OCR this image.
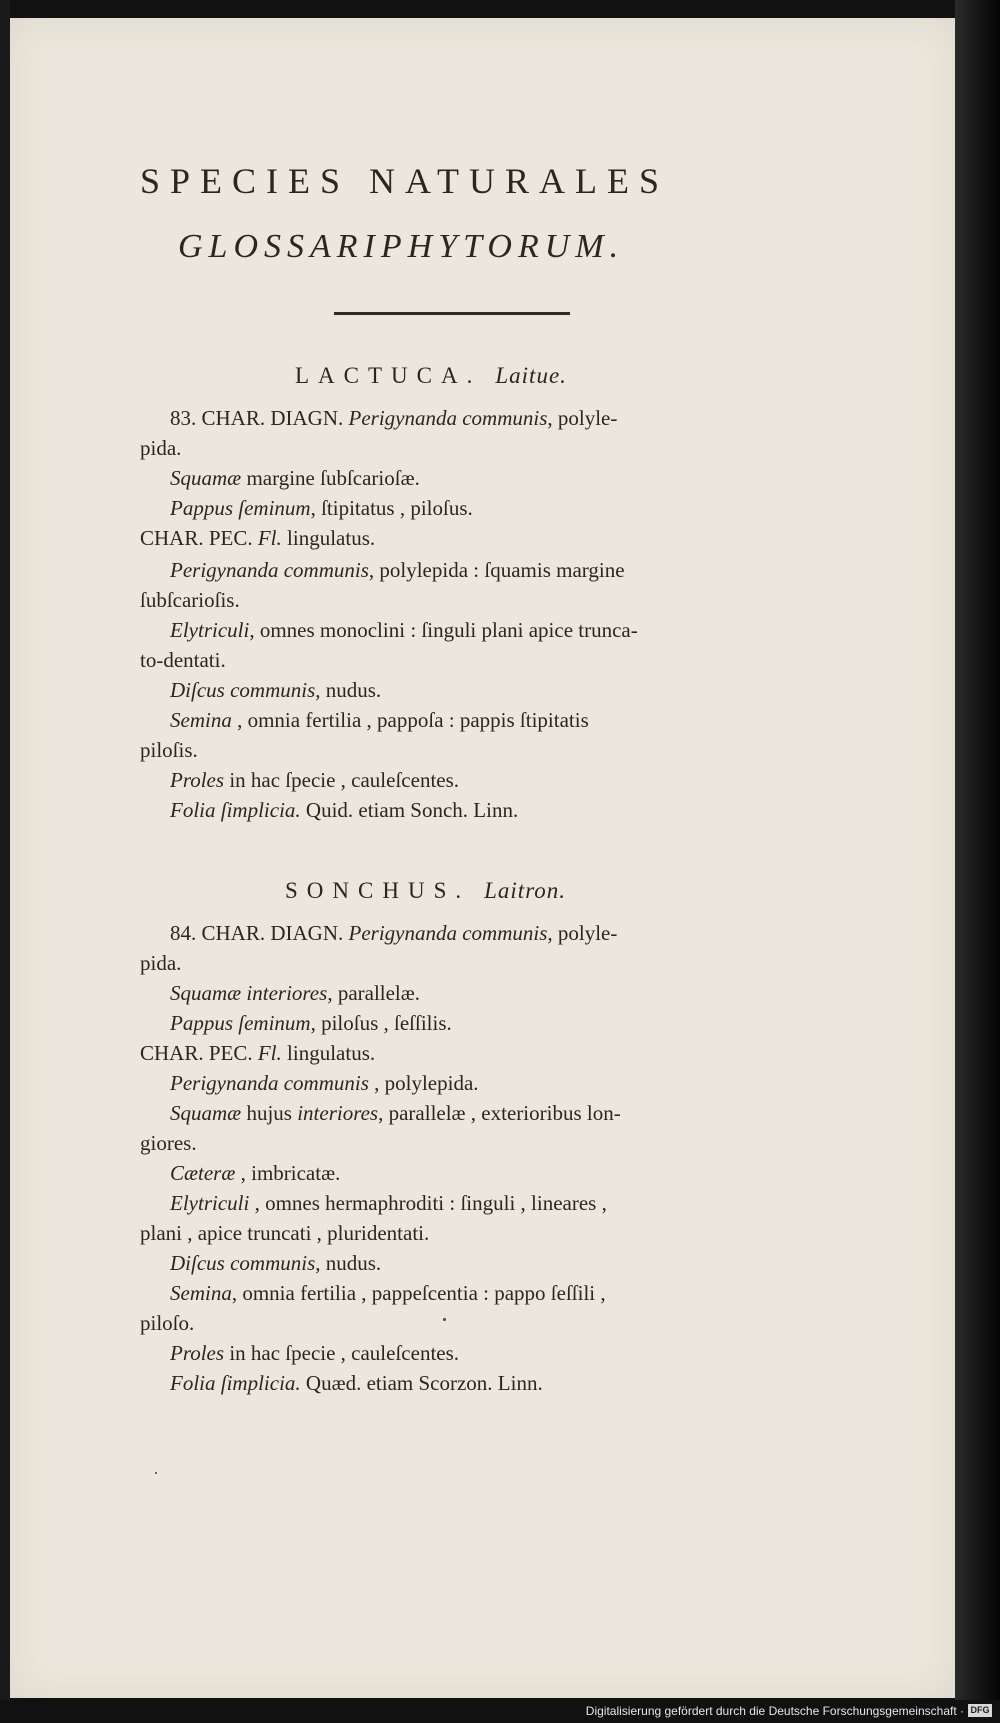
SPECIES NATURALES
GLOSSARIPHYTORUM.
LACTUCA. Laitue.
83. CHAR. DIAGN. Perigynanda communis, polyle-
pida.
Squamæ margine ſubſcarioſæ.
Pappus ſeminum, ſtipitatus , piloſus.
CHAR. PEC. Fl. lingulatus.
Perigynanda communis, polylepida : ſquamis margine
ſubſcarioſis.
Elytriculi, omnes monoclini : ſinguli plani apice trunca-
to-dentati.
Diſcus communis, nudus.
Semina , omnia fertilia , pappoſa : pappis ſtipitatis
piloſis.
Proles in hac ſpecie , cauleſcentes.
Folia ſimplicia. Quid. etiam Sonch. Linn.
SONCHUS. Laitron.
84. CHAR. DIAGN. Perigynanda communis, polyle-
pida.
Squamæ interiores, parallelæ.
Pappus ſeminum, piloſus , ſeſſilis.
CHAR. PEC. Fl. lingulatus.
Perigynanda communis , polylepida.
Squamæ hujus interiores, parallelæ , exterioribus lon-
giores.
Cæteræ , imbricatæ.
Elytriculi , omnes hermaphroditi : ſinguli , lineares ,
plani , apice truncati , pluridentati.
Diſcus communis, nudus.
Semina, omnia fertilia , pappeſcentia : pappo ſeſſili ,
piloſo.
Proles in hac ſpecie , cauleſcentes.
Folia ſimplicia. Quæd. etiam Scorzon. Linn.
Digitalisierung gefördert durch die Deutsche Forschungsgemeinschaft · DFG
